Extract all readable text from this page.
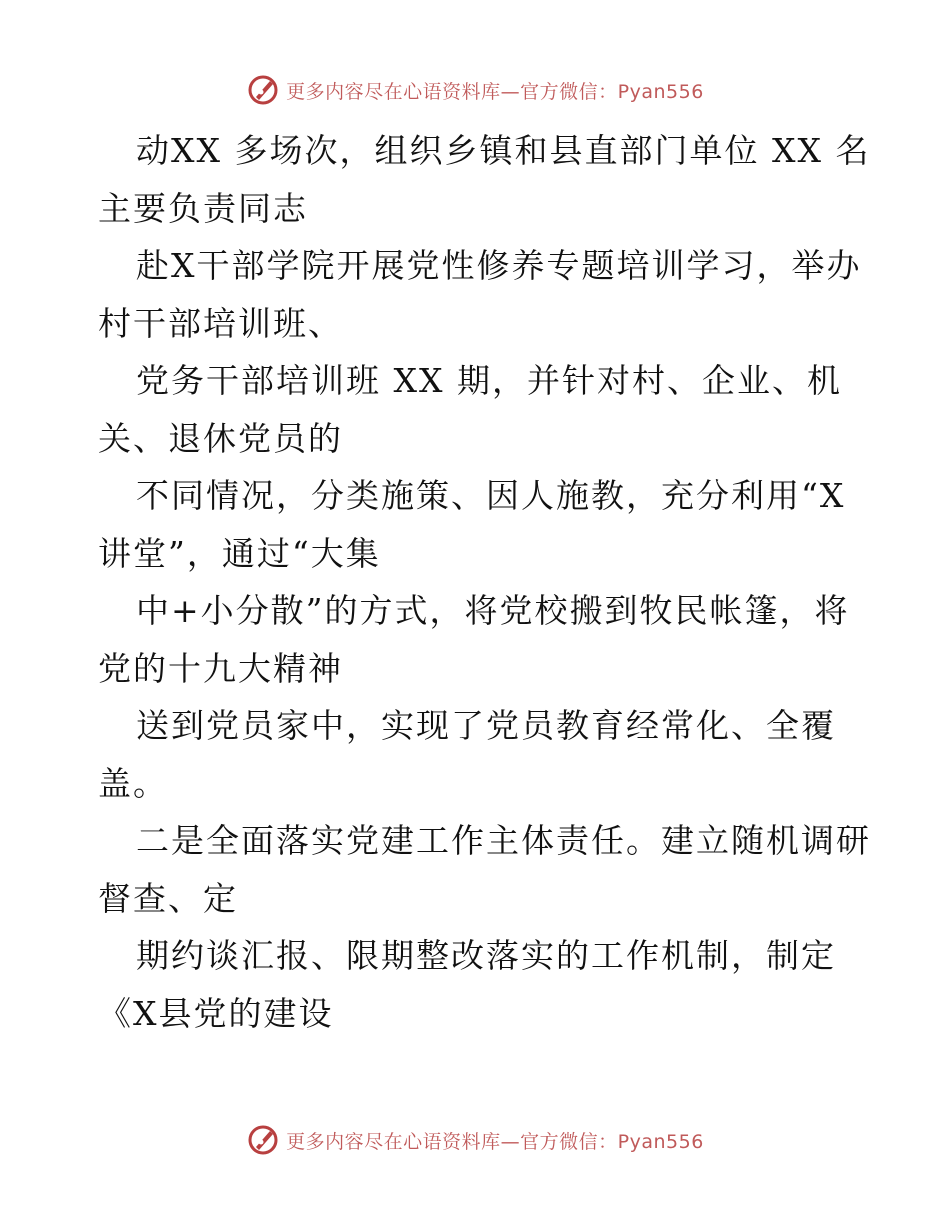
更多内容尽在心语资料库—官方微信：Pyan556
动XX 多场次，组织乡镇和县直部门单位 XX 名
主要负责同志
赴X干部学院开展党性修养专题培训学习，举办
村干部培训班、
党务干部培训班 XX 期，并针对村、企业、机
关、退休党员的
不同情况，分类施策、因人施教，充分利用“X
讲堂”，通过“大集
中+小分散”的方式，将党校搬到牧民帐篷，将
党的十九大精神
送到党员家中，实现了党员教育经常化、全覆
盖。
二是全面落实党建工作主体责任。建立随机调研
督查、定
期约谈汇报、限期整改落实的工作机制，制定
《X县党的建设
更多内容尽在心语资料库—官方微信：Pyan556
